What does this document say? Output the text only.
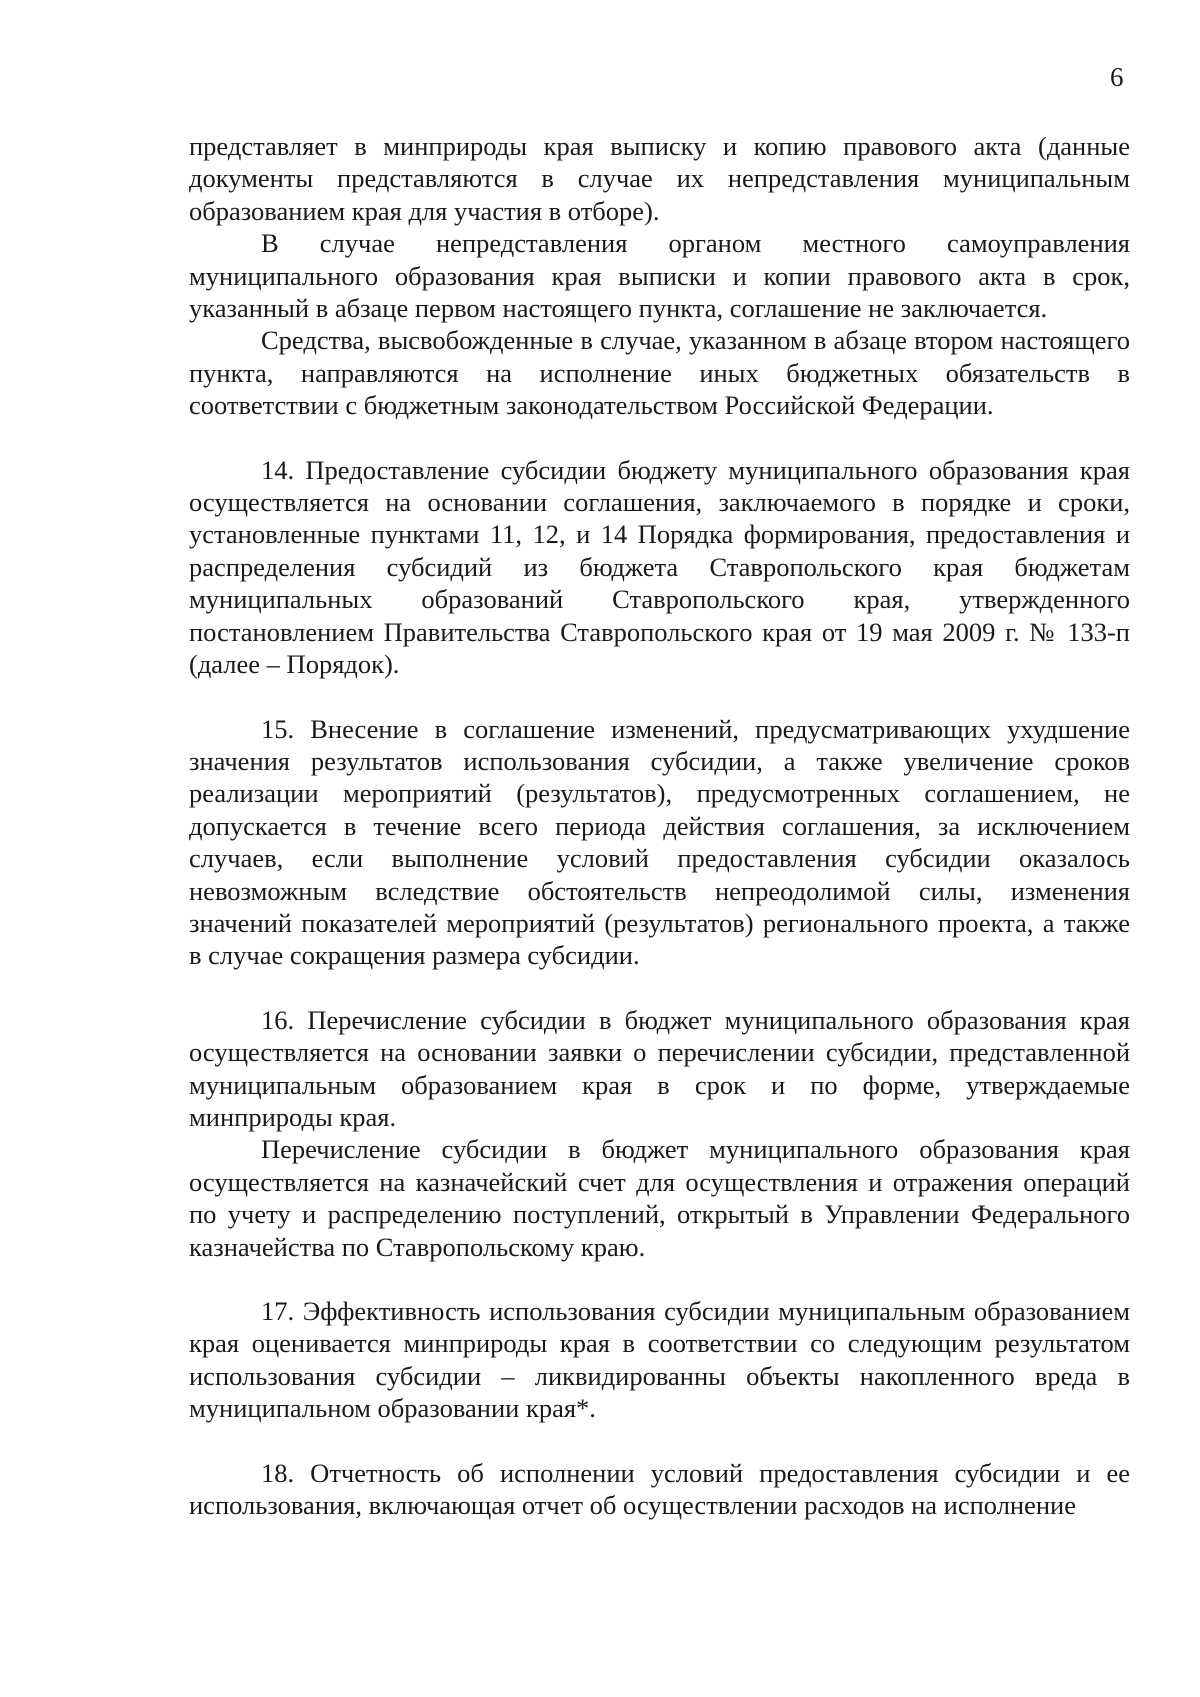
6

представляет в минприроды края выписку и копию правового акта (данные документы представляются в случае их непредставления муниципальным образованием края для участия в отборе).

В случае непредставления органом местного самоуправления муниципального образования края выписки и копии правового акта в срок, указанный в абзаце первом настоящего пункта, соглашение не заключается.

Средства, высвобожденные в случае, указанном в абзаце втором настоящего пункта, направляются на исполнение иных бюджетных обязательств в соответствии с бюджетным законодательством Российской Федерации.

14. Предоставление субсидии бюджету муниципального образования края осуществляется на основании соглашения, заключаемого в порядке и сроки, установленные пунктами 11, 12, и 14 Порядка формирования, предоставления и распределения субсидий из бюджета Ставропольского края бюджетам муниципальных образований Ставропольского края, утвержденного постановлением Правительства Ставропольского края от 19 мая 2009 г. № 133-п (далее – Порядок).

15. Внесение в соглашение изменений, предусматривающих ухудшение значения результатов использования субсидии, а также увеличение сроков реализации мероприятий (результатов), предусмотренных соглашением, не допускается в течение всего периода действия соглашения, за исключением случаев, если выполнение условий предоставления субсидии оказалось невозможным вследствие обстоятельств непреодолимой силы, изменения значений показателей мероприятий (результатов) регионального проекта, а также в случае сокращения размера субсидии.

16. Перечисление субсидии в бюджет муниципального образования края осуществляется на основании заявки о перечислении субсидии, представленной муниципальным образованием края в срок и по форме, утверждаемые минприроды края.

Перечисление субсидии в бюджет муниципального образования края осуществляется на казначейский счет для осуществления и отражения операций по учету и распределению поступлений, открытый в Управлении Федерального казначейства по Ставропольскому краю.

17. Эффективность использования субсидии муниципальным образованием края оценивается минприроды края в соответствии со следующим результатом использования субсидии – ликвидированны объекты накопленного вреда в муниципальном образовании края*.

18. Отчетность об исполнении условий предоставления субсидии и ее использования, включающая отчет об осуществлении расходов на исполнение
